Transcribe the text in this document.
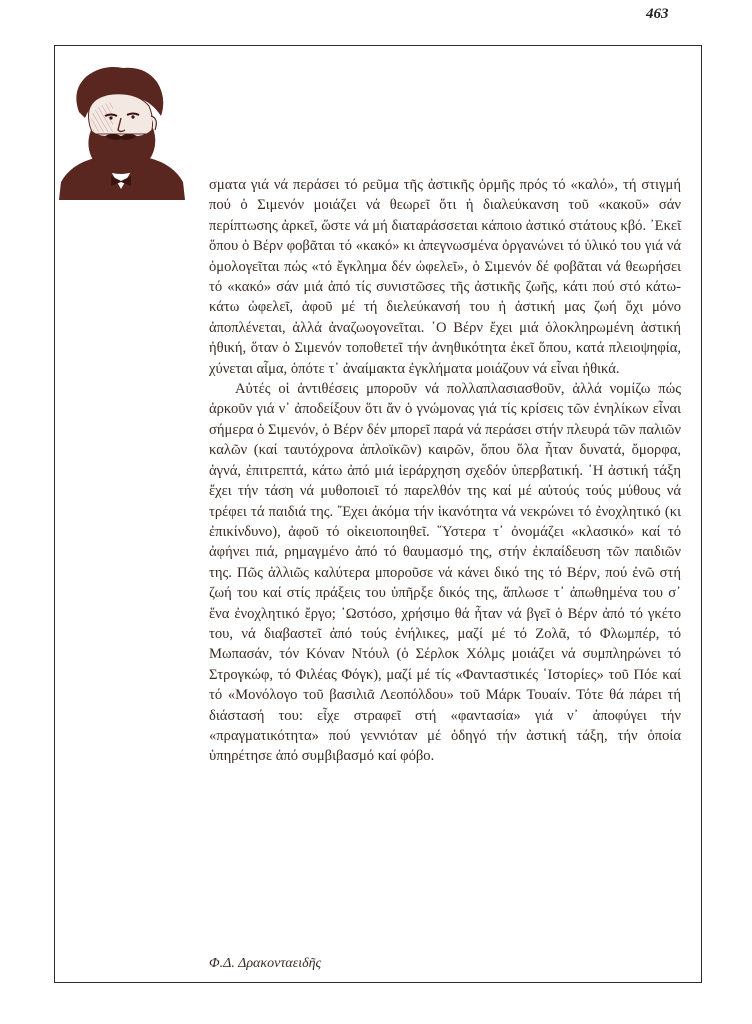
463

σματα γιά νά περάσει τό ρεῦμα τῆς ἀστικῆς ὁρμῆς πρός τό «καλό», τή στιγμή πού ὁ Σιμενόν μοιάζει νά θεωρεῖ ὅτι ἡ διαλεύκανση τοῦ «κακοῦ» σάν περίπτωσης ἀρκεῖ, ὥστε νά μή διαταράσσεται κάποιο ἀστικό στάτους κβό. ᾿Εκεῖ ὅπου ὁ Βέρν φοβᾶται τό «κακό» κι ἀπεγνωσμένα ὀργανώνει τό ὑλικό του γιά νά ὁμολογεῖται πώς «τό ἔγκλημα δέν ὠφελεῖ», ὁ Σιμενόν δέ φοβᾶται νά θεωρήσει τό «κακό» σάν μιά ἀπό τίς συνιστῶσες τῆς ἀστικῆς ζωῆς, κάτι πού στό κάτω-κάτω ὠφελεῖ, ἀφοῦ μέ τή διελεύκανσή του ἡ ἀστική μας ζωή ὄχι μόνο ἀποπλένεται, ἀλλά ἀναζωογονεῖται. ῾Ο Βέρν ἔχει μιά ὁλοκληρωμένη ἀστική ἠθική, ὅταν ὁ Σιμενόν τοποθετεῖ τήν ἀνηθικότητα ἐκεῖ ὅπου, κατά πλειοψηφία, χύνεται αἷμα, ὁπότε τ᾿ ἀναίμακτα ἐγκλήματα μοιάζουν νά εἶναι ἠθικά.

Αὐτές οἱ ἀντιθέσεις μποροῦν νά πολλαπλασιασθοῦν, ἀλλά νομίζω πώς ἀρκοῦν γιά ν᾿ ἀποδείξουν ὅτι ἄν ὁ γνώμονας γιά τίς κρίσεις τῶν ἐνηλίκων εἶναι σήμερα ὁ Σιμενόν, ὁ Βέρν δέν μπορεῖ παρά νά περάσει στήν πλευρά τῶν παλιῶν καλῶν (καί ταυτόχρονα ἀπλοϊκῶν) καιρῶν, ὅπου ὅλα ἦταν δυνατά, ὄμορφα, ἁγνά, ἐπιτρεπτά, κάτω ἀπό μιά ἱεράρχηση σχεδόν ὑπερβατική. ῾Η ἀστική τάξη ἔχει τήν τάση νά μυθοποιεῖ τό παρελθόν της καί μέ αὐτούς τούς μύθους νά τρέφει τά παιδιά της. ῎Εχει ἀκόμα τήν ἱκανότητα νά νεκρώνει τό ἐνοχλητικό (κι ἐπικίνδυνο), ἀφοῦ τό οἰκειοποιηθεῖ. ῞Υστερα τ᾿ ὀνομάζει «κλασικό» καί τό ἀφήνει πιά, ρημαγμένο ἀπό τό θαυμασμό της, στήν ἐκπαίδευση τῶν παιδιῶν της. Πῶς ἀλλιῶς καλύτερα μποροῦσε νά κάνει δικό της τό Βέρν, πού ἐνῶ στή ζωή του καί στίς πράξεις του ὑπῆρξε δικός της, ἅπλωσε τ᾿ ἀπωθημένα του σ᾿ ἕνα ἐνοχλητικό ἔργο; ᾿Ωστόσο, χρήσιμο θά ἦταν νά βγεῖ ὁ Βέρν ἀπό τό γκέτο του, νά διαβαστεῖ ἀπό τούς ἐνήλικες, μαζί μέ τό Ζολᾶ, τό Φλωμπέρ, τό Μωπασάν, τόν Κόναν Ντόυλ (ὁ Σέρλοκ Χόλμς μοιάζει νά συμπληρώνει τό Στρογκώφ, τό Φιλέας Φόγκ), μαζί μέ τίς «Φανταστικές ῾Ιστορίες» τοῦ Πόε καί τό «Μονόλογο τοῦ βασιλιᾶ Λεοπόλδου» τοῦ Μάρκ Τουαίν. Τότε θά πάρει τή διάστασή του: εἶχε στραφεῖ στή «φαντασία» γιά ν᾿ ἀποφύγει τήν «πραγματικότητα» πού γεννιόταν μέ ὁδηγό τήν ἀστική τάξη, τήν ὁποία ὑπηρέτησε ἀπό συμβιβασμό καί φόβο.

Φ.Δ. Δρακονταειδῆς
